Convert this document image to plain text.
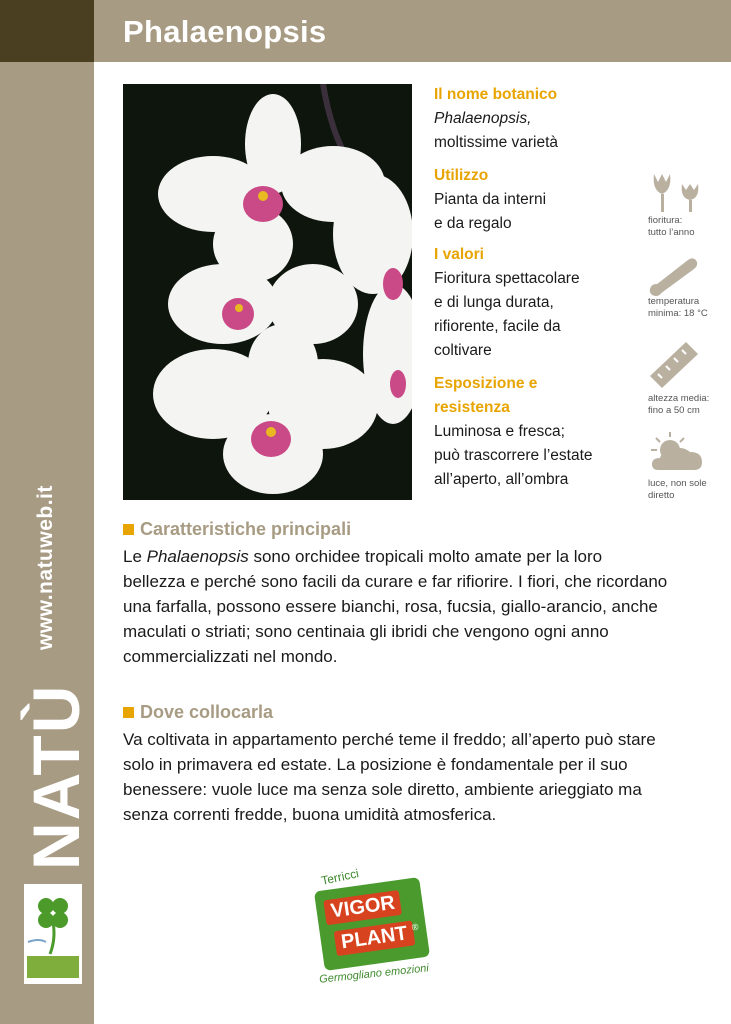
Phalaenopsis
NATÙ
www.natuweb.it
Il nome botanico
Phalaenopsis,
moltissime varietà
Utilizzo
Pianta da interni
e da regalo
I valori
Fioritura spettacolare
e di lunga durata,
rifiorente, facile da
coltivare
Esposizione e
resistenza
Luminosa e fresca;
può trascorrere l’estate
all’aperto, all’ombra
fioritura:
tutto l’anno
temperatura
minima: 18 °C
altezza media:
fino a 50 cm
luce, non sole
diretto
Caratteristiche principali
Le Phalaenopsis sono orchidee tropicali molto amate per la loro bellezza e perché sono facili da curare e far rifiorire. I fiori, che ricordano una farfalla, possono essere bianchi, rosa, fucsia, giallo-arancio, anche maculati o striati; sono centinaia gli ibridi che vengono ogni anno commercializzati nel mondo.
Dove collocarla
Va coltivata in appartamento perché teme il freddo; all’aperto può stare solo in primavera ed estate. La posizione è fondamentale per il suo benessere: vuole luce ma senza sole diretto, ambiente arieggiato ma senza correnti fredde, buona umidità atmosferica.
Terricci
VIGOR
PLANT ®
Germogliano emozioni
